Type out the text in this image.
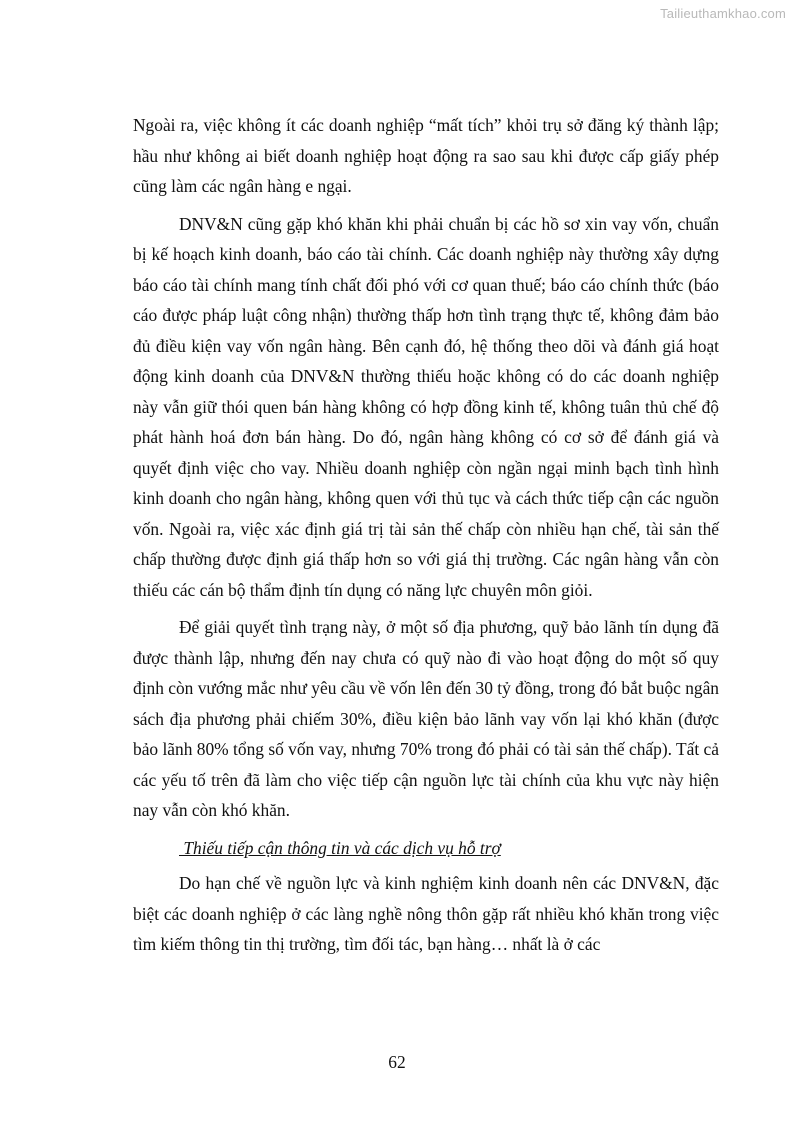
Tailieuthamkhao.com

Ngoài ra, việc không ít các doanh nghiệp “mất tích” khỏi trụ sở đăng ký thành lập; hầu như không ai biết doanh nghiệp hoạt động ra sao sau khi được cấp giấy phép cũng làm các ngân hàng e ngại.

DNV&N cũng gặp khó khăn khi phải chuẩn bị các hồ sơ xin vay vốn, chuẩn bị kế hoạch kinh doanh, báo cáo tài chính. Các doanh nghiệp này thường xây dựng báo cáo tài chính mang tính chất đối phó với cơ quan thuế; báo cáo chính thức (báo cáo được pháp luật công nhận) thường thấp hơn tình trạng thực tế, không đảm bảo đủ điều kiện vay vốn ngân hàng. Bên cạnh đó, hệ thống theo dõi và đánh giá hoạt động kinh doanh của DNV&N thường thiếu hoặc không có do các doanh nghiệp này vẫn giữ thói quen bán hàng không có hợp đồng kinh tế, không tuân thủ chế độ phát hành hoá đơn bán hàng. Do đó, ngân hàng không có cơ sở để đánh giá và quyết định việc cho vay. Nhiều doanh nghiệp còn ngần ngại minh bạch tình hình kinh doanh cho ngân hàng, không quen với thủ tục và cách thức tiếp cận các nguồn vốn. Ngoài ra, việc xác định giá trị tài sản thế chấp còn nhiều hạn chế, tài sản thế chấp thường được định giá thấp hơn so với giá thị trường. Các ngân hàng vẫn còn thiếu các cán bộ thẩm định tín dụng có năng lực chuyên môn giỏi.

Để giải quyết tình trạng này, ở một số địa phương, quỹ bảo lãnh tín dụng đã được thành lập, nhưng đến nay chưa có quỹ nào đi vào hoạt động do một số quy định còn vướng mắc như yêu cầu về vốn lên đến 30 tỷ đồng, trong đó bắt buộc ngân sách địa phương phải chiếm 30%, điều kiện bảo lãnh vay vốn lại khó khăn (được bảo lãnh 80% tổng số vốn vay, nhưng 70% trong đó phải có tài sản thế chấp). Tất cả các yếu tố trên đã làm cho việc tiếp cận nguồn lực tài chính của khu vực này hiện nay vẫn còn khó khăn.

Thiếu tiếp cận thông tin và các dịch vụ hỗ trợ

Do hạn chế về nguồn lực và kinh nghiệm kinh doanh nên các DNV&N, đặc biệt các doanh nghiệp ở các làng nghề nông thôn gặp rất nhiều khó khăn trong việc tìm kiếm thông tin thị trường, tìm đối tác, bạn hàng… nhất là ở các

62
